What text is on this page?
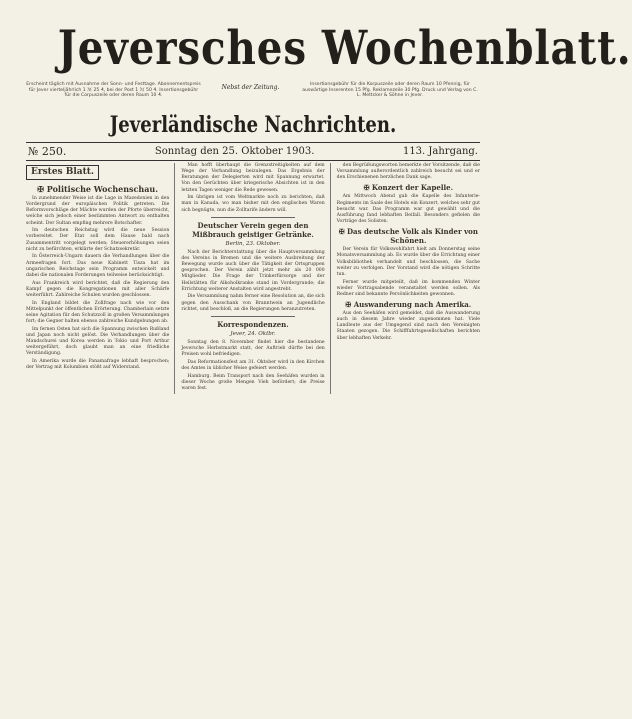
Jeversches Wochenblatt.
Erscheint täglich mit Ausnahme der Sonn- und Festtage. Abonnementspreis für Jever vierteljährlich 1 ℳ 25 ₰, bei der Post 1 ℳ 50 ₰. Insertionsgebühr für die Corpuszeile oder deren Raum 10 ₰.
Nebst der Zeitung.	Insertionsgebühr für die Korpuszeile oder deren Raum 10 Pfennig, für auswärtige Inserenten 15 Pfg. Reklamezeile 30 Pfg. Druck und Verlag von C. L. Mettcker & Söhne in Jever.
Jeverländische Nachrichten.
№ 250.	Sonntag den 25. Oktober 1903.	113. Jahrgang.
Erstes Blatt.
✠ Politische Wochenschau.

In zunehmender Weise ist die Lage in Mazedonien in den Vordergrund der europäischen Politik getreten. Die Reformvorschläge der Mächte wurden der Pforte überreicht, welche sich jedoch einer bestimmten Antwort zu enthalten scheint. Der Sultan empfing mehrere Botschafter.

Im deutschen Reichstag wird die neue Session vorbereitet. Der Etat soll dem Hause bald nach Zusammentritt vorgelegt werden; Steuererhöhungen seien nicht zu befürchten, erklärte der Schatzsekretär.

In Österreich-Ungarn dauern die Verhandlungen über die Armeefragen fort. Das neue Kabinett Tisza hat im ungarischen Reichstage sein Programm entwickelt und dabei die nationalen Forderungen teilweise berücksichtigt.

Aus Frankreich wird berichtet, daß die Regierung den Kampf gegen die Kongregationen mit aller Schärfe weiterführt. Zahlreiche Schulen wurden geschlossen.

In England bildet die Zollfrage nach wie vor den Mittelpunkt der öffentlichen Erörterung. Chamberlain setzte seine Agitation für den Schutzzoll in großen Versammlungen fort; die Gegner halten ebenso zahlreiche Kundgebungen ab.

Im fernen Osten hat sich die Spannung zwischen Rußland und Japan noch nicht gelöst. Die Verhandlungen über die Mandschurei und Korea werden in Tokio und Port Arthur weitergeführt, doch glaubt man an eine friedliche Verständigung.

In Amerika wurde die Panamafrage lebhaft besprochen; der Vertrag mit Kolumbien stößt auf Widerstand.

Man hofft überhaupt die Grenzstreitigkeiten auf dem Wege der Verhandlung beizulegen. Das Ergebnis der Beratungen der Delegierten wird mit Spannung erwartet. Von den Gerüchten über kriegerische Absichten ist in den letzten Tagen weniger die Rede gewesen.

Im übrigen ist vom Weltmarkte noch zu berichten, daß man in Kanada, wo man bisher mit den englischen Waren sich begnügte, nun die Zolltarife ändern will.

Deutscher Verein gegen den Mißbrauch geistiger Getränke.
Berlin, 23. Oktober.

Nach der Berichterstattung über die Hauptversammlung des Vereins in Bremen und die weitere Ausbreitung der Bewegung wurde auch über die Tätigkeit der Ortsgruppen gesprochen. Der Verein zählt jetzt mehr als 20 000 Mitglieder. Die Frage der Trinkerfürsorge und der Heilstätten für Alkoholkranke stand im Vordergrunde; die Errichtung weiterer Anstalten wird angestrebt.

Die Versammlung nahm ferner eine Resolution an, die sich gegen den Ausschank von Branntwein an Jugendliche richtet, und beschloß, an die Regierungen heranzutreten.

Korrespondenzen.
Jever, 24. Oktbr.

Sonntag den 8. November findet hier die bestandene Jeversche Herbstmarkt statt, der Auftrieb dürfte bei den Preisen wohl befriedigen.

Das Reformationsfest am 31. Oktober wird in den Kirchen des Amtes in üblicher Weise gefeiert werden.

Hamburg. Beim Transport nach den Seehäfen wurden in dieser Woche große Mengen Vieh befördert; die Preise waren fest.

den Begrüßungsworten bemerkte der Vorsitzende, daß die Versammlung außerordentlich zahlreich besucht sei und er den Erschienenen herzlichen Dank sage.

✠ Konzert der Kapelle.

Am Mittwoch Abend gab die Kapelle des Infanterie-Regiments im Saale des Hotels ein Konzert, welches sehr gut besucht war. Das Programm war gut gewählt und die Ausführung fand lebhaften Beifall. Besonders gefielen die Vorträge des Solisten.

✠ Das deutsche Volk als Kinder von Schönen.

Der Verein für Volkswohlfahrt hielt am Donnerstag seine Monatsversammlung ab. Es wurde über die Errichtung einer Volksbibliothek verhandelt und beschlossen, die Sache weiter zu verfolgen. Der Vorstand wird die nötigen Schritte tun.

Ferner wurde mitgeteilt, daß im kommenden Winter wieder Vortragsabende veranstaltet werden sollen. Als Redner sind bekannte Persönlichkeiten gewonnen.

✠ Auswanderung nach Amerika.

Aus den Seehäfen wird gemeldet, daß die Auswanderung auch in diesem Jahre wieder zugenommen hat. Viele Landleute aus der Umgegend sind nach den Vereinigten Staaten gezogen. Die Schifffahrtsgesellschaften berichten über lebhaften Verkehr.
